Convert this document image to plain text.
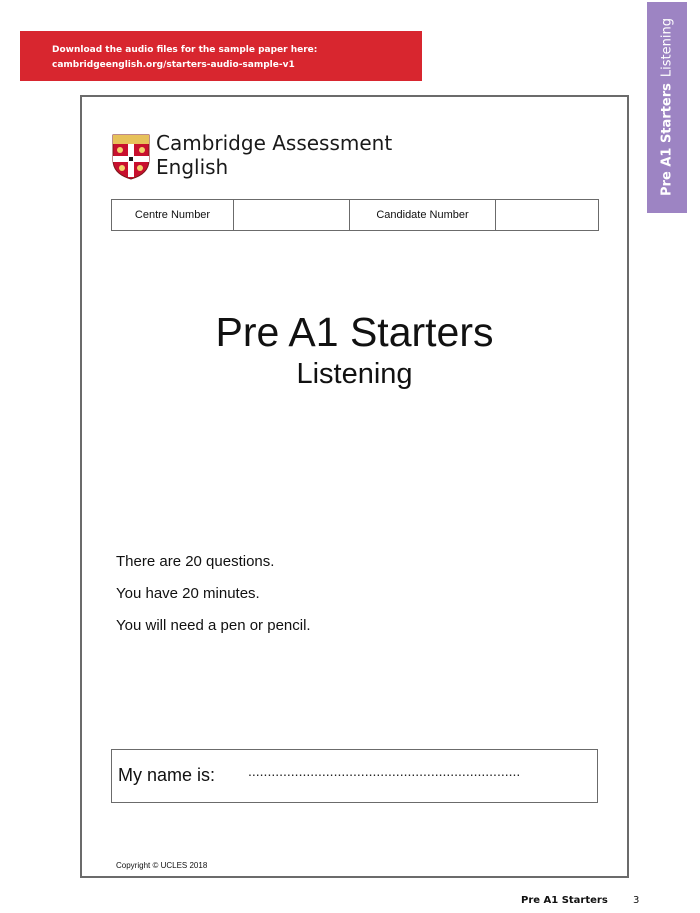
Download the audio files for the sample paper here:
cambridgeenglish.org/starters-audio-sample-v1
Pre A1 StartersListening
Cambridge Assessment
English
Centre Number		Candidate Number	
Pre A1 Starters
Listening
There are 20 questions.
You have 20 minutes.
You will need a pen or pencil.
My name is: ......................................................................
Copyright © UCLES 2018
Pre A1 Starters	3
